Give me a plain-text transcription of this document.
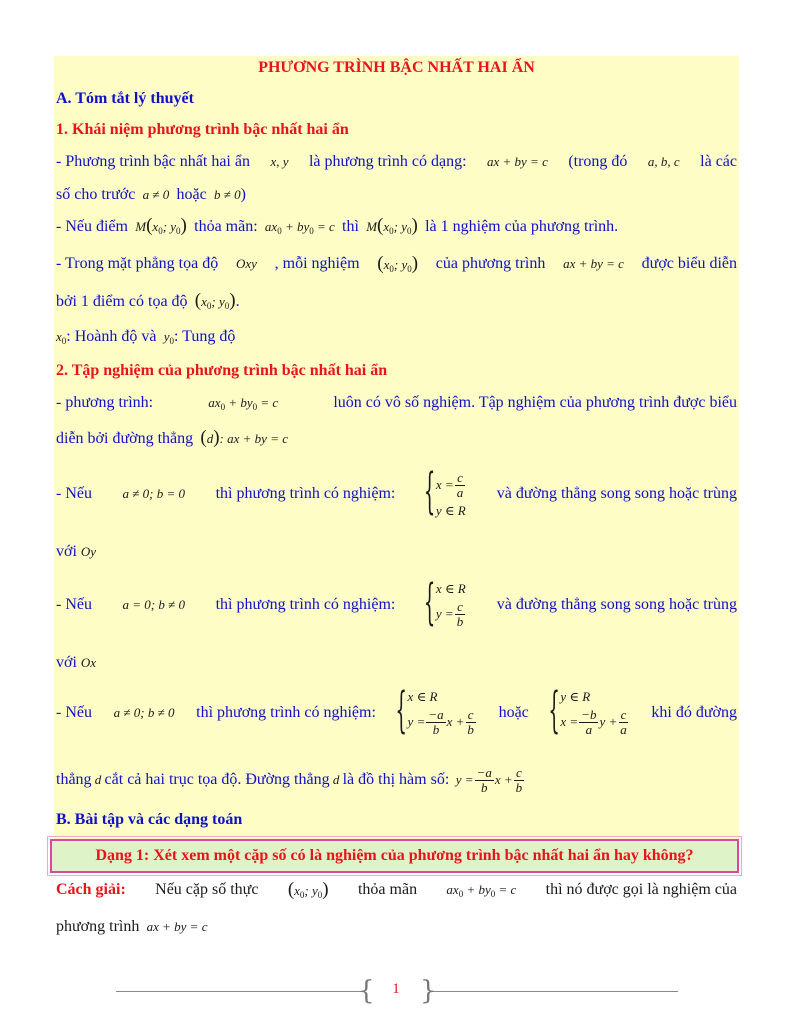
PHƯƠNG TRÌNH BẬC NHẤT HAI ẨN
A. Tóm tắt lý thuyết
1. Khái niệm phương trình bậc nhất hai ẩn
- Phương trình bậc nhất hai ẩn x, y là phương trình có dạng: ax + by = c (trong đó a, b, c là các
số cho trước  a ≠ 0  hoặc  b ≠ 0)
- Nếu điểm  $M(x_0$; $y_0$) thỏa mãn:  $ax_0 + by_0 = c$  thì  $M(x_0$; $y_0$) là 1 nghiệm của phương trình.
- Trong mặt phẳng tọa độ Oxy , mỗi nghiệm ($x_0$; $y_0$) của phương trình ax + by = c được biểu diễn
bởi 1 điểm có tọa độ ($x_0$; $y_0$).
$x_0$: Hoành độ và  $y_0$: Tung độ
2. Tập nghiệm của phương trình bậc nhất hai ẩn
- phương trình:	$ax_0 + by_0 = c$	luôn có vô số nghiệm. Tập nghiệm của phương trình được biểu
diễn bởi đường thẳng (d): ax + by = c
- Nếu a ≠ 0; b = 0 thì phương trình có nghiệm:
{ $x = \frac{c}{a}$
y ∈ R
và đường thẳng song song hoặc trùng
với Oy
- Nếu a = 0; b ≠ 0 thì phương trình có nghiệm:
{ x ∈ R
$y = \frac{c}{b}$ và đường thẳng song song hoặc trùng
với Ox
- Nếu a ≠ 0; b ≠ 0 thì phương trình có nghiệm:
{ x ∈ R
$y = \frac{-a}{b}$ $x + \frac{c}{b}$ hoặc
{ y ∈ R
$x = \frac{-b}{a}$ $y + \frac{c}{a}$ khi đó đường
thẳng d cắt cả hai trục tọa độ. Đường thẳng d là đồ thị hàm số: $y = \frac{-a}{b}$ $x + \frac{c}{b}$
B. Bài tập và các dạng toán
Dạng 1: Xét xem một cặp số có là nghiệm của phương trình bậc nhất hai ẩn hay không?
Cách giải: Nếu cặp số thực ($x_0$; $y_0$) thỏa mãn $ax_0 + by_0 = c$ thì nó được gọi là nghiệm của
phương trình  ax + by = c
{ }
1
